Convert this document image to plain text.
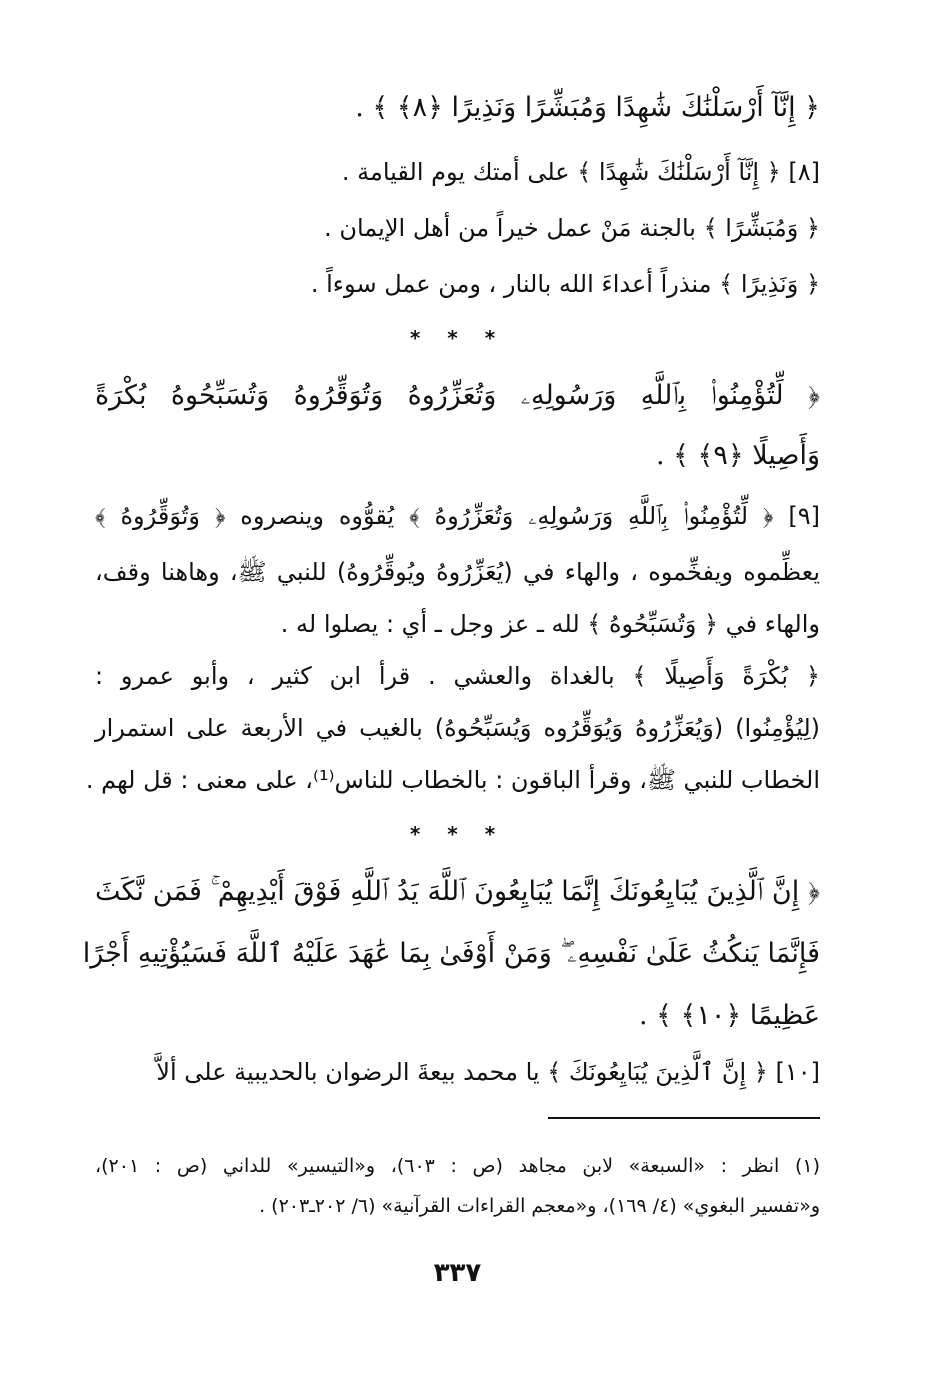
﴿ إِنَّآ أَرْسَلْنَٰكَ شَٰهِدًا وَمُبَشِّرًا وَنَذِيرًا ﴿٨﴾ ﴾ .
[٨] ﴿ إِنَّآ أَرْسَلْنَٰكَ شَٰهِدًا ﴾ على أمتك يوم القيامة .
﴿ وَمُبَشِّرًا ﴾ بالجنة مَنْ عمل خيراً من أهل الإيمان .
﴿ وَنَذِيرًا ﴾ منذراً أعداءَ الله بالنار ، ومن عمل سوءاً .
* * *
﴿ لِّتُؤْمِنُوا۟ بِٱللَّهِ وَرَسُولِهِۦ وَتُعَزِّرُوهُ وَتُوَقِّرُوهُ وَتُسَبِّحُوهُ بُكْرَةً
وَأَصِيلًا ﴿٩﴾ ﴾ .
[٩] ﴿ لِّتُؤْمِنُوا۟ بِٱللَّهِ وَرَسُولِهِۦ وَتُعَزِّرُوهُ ﴾ يُقوُّوه وينصروه ﴿ وَتُوَقِّرُوهُ ﴾
يعظِّموه ويفخِّموه ، والهاء في (يُعَزِّرُوهُ ويُوقِّرُوهُ) للنبي ﷺ، وهاهنا وقف،
والهاء في ﴿ وَتُسَبِّحُوهُ ﴾ لله ـ عز وجل ـ أي : يصلوا له .
﴿ بُكْرَةً وَأَصِيلًا ﴾ بالغداة والعشي . قرأ ابن كثير ، وأبو عمرو :
(لِيُؤْمِنُوا) (وَيُعَزِّرُوهُ وَيُوَقِّرُوه وَيُسَبِّحُوهُ) بالغيب في الأربعة على استمرار
الخطاب للنبي ﷺ، وقرأ الباقون : بالخطاب للناس⁽¹⁾، على معنى : قل لهم .
* * *
﴿ إِنَّ ٱلَّذِينَ يُبَايِعُونَكَ إِنَّمَا يُبَايِعُونَ ٱللَّهَ يَدُ ٱللَّهِ فَوْقَ أَيْدِيهِمْ ۚ فَمَن نَّكَثَ
فَإِنَّمَا يَنكُثُ عَلَىٰ نَفْسِهِۦ ۖ وَمَنْ أَوْفَىٰ بِمَا عَٰهَدَ عَلَيْهُ ٱللَّهَ فَسَيُؤْتِيهِ أَجْرًا
عَظِيمًا ﴿١٠﴾ ﴾ .
[١٠] ﴿ إِنَّ ٱلَّذِينَ يُبَايِعُونَكَ ﴾ يا محمد بيعةَ الرضوان بالحديبية على ألاَّ
(١) انظر : «السبعة» لابن مجاهد (ص : ٦٠٣)، و«التيسير» للداني (ص : ٢٠١)،
و«تفسير البغوي» (٤/ ١٦٩)، و«معجم القراءات القرآنية» (٦/ ٢٠٢ـ٢٠٣) .
٣٣٧
